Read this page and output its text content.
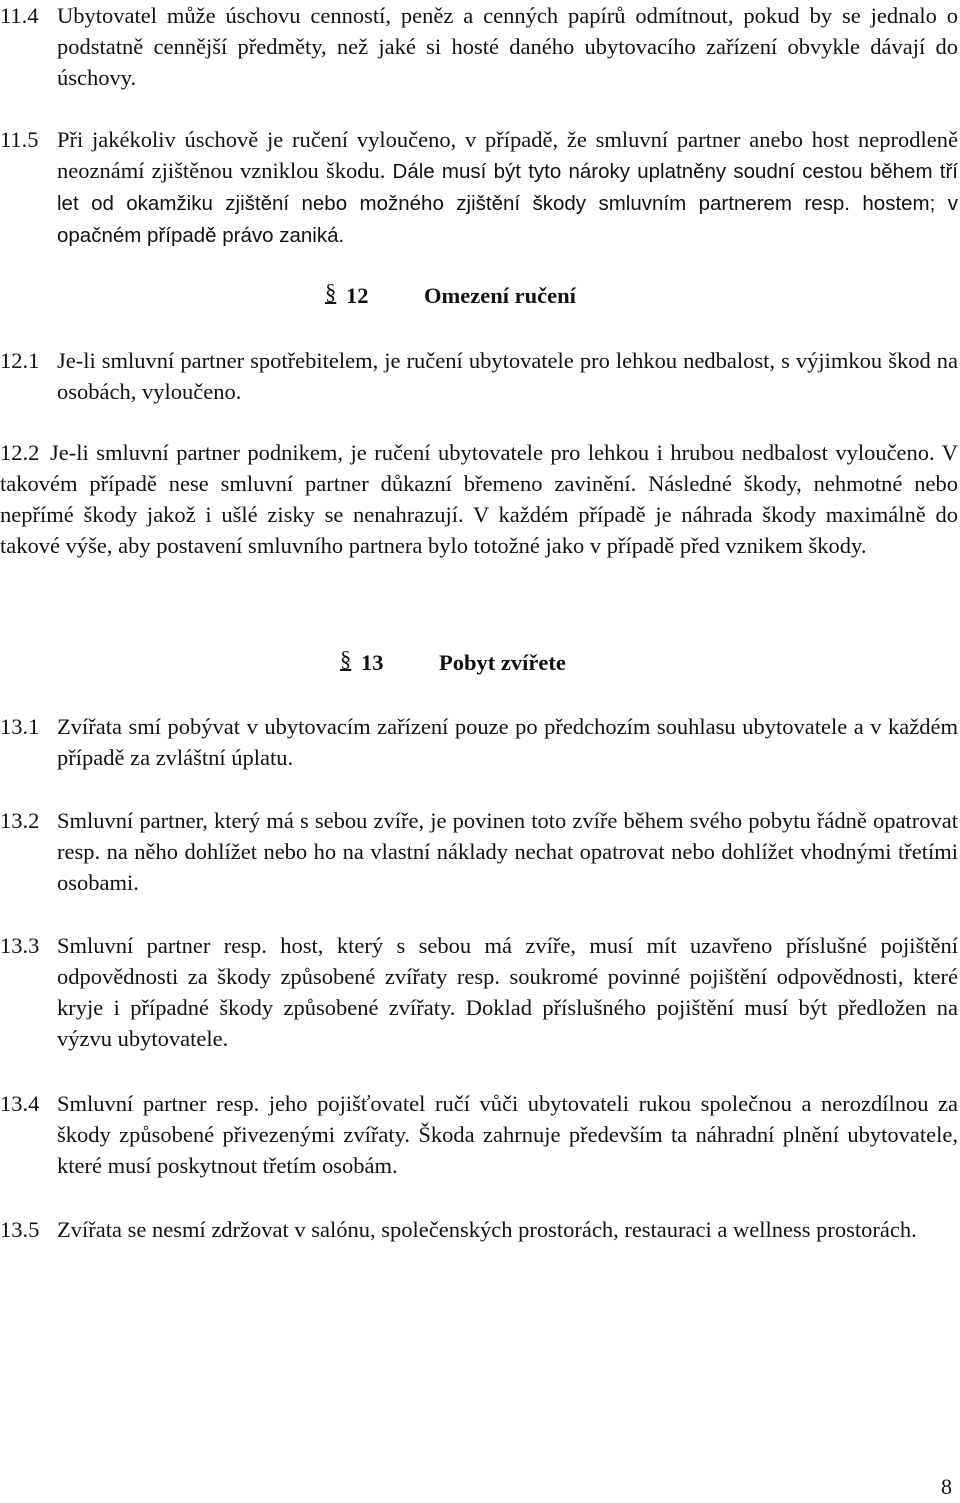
11.4 Ubytovatel může úschovu cenností, peněz a cenných papírů odmítnout, pokud by se jednalo o podstatně cennější předměty, než jaké si hosté daného ubytovacího zařízení obvykle dávají do úschovy.
11.5 Při jakékoliv úschově je ručení vyloučeno, v případě, že smluvní partner anebo host neprodleně neoznámí zjištěnou vzniklou škodu. Dále musí být tyto nároky uplatněny soudní cestou během tří let od okamžiku zjištění nebo možného zjištění škody smluvním partnerem resp. hostem; v opačném případě právo zaniká.
§ 12 Omezení ručení
12.1 Je-li smluvní partner spotřebitelem, je ručení ubytovatele pro lehkou nedbalost, s výjimkou škod na osobách, vyloučeno.
12.2 Je-li smluvní partner podnikem, je ručení ubytovatele pro lehkou i hrubou nedbalost vyloučeno. V takovém případě nese smluvní partner důkazní břemeno zavinění. Následné škody, nehmotné nebo nepřímé škody jakož i ušlé zisky se nenahrazují. V každém případě je náhrada škody maximálně do takové výše, aby postavení smluvního partnera bylo totožné jako v případě před vznikem škody.
§ 13 Pobyt zvířete
13.1 Zvířata smí pobývat v ubytovacím zařízení pouze po předchozím souhlasu ubytovatele a v každém případě za zvláštní úplatu.
13.2 Smluvní partner, který má s sebou zvíře, je povinen toto zvíře během svého pobytu řádně opatrovat resp. na něho dohlížet nebo ho na vlastní náklady nechat opatrovat nebo dohlížet vhodnými třetími osobami.
13.3 Smluvní partner resp. host, který s sebou má zvíře, musí mít uzavřeno příslušné pojištění odpovědnosti za škody způsobené zvířaty resp. soukromé povinné pojištění odpovědnosti, které kryje i případné škody způsobené zvířaty. Doklad příslušného pojištění musí být předložen na výzvu ubytovatele.
13.4 Smluvní partner resp. jeho pojišťovatel ručí vůči ubytovateli rukou společnou a nerozdílnou za škody způsobené přivezenými zvířaty. Škoda zahrnuje především ta náhradní plnění ubytovatele, které musí poskytnout třetím osobám.
13.5 Zvířata se nesmí zdržovat v salónu, společenských prostorách, restauraci a wellness prostorách.
8
